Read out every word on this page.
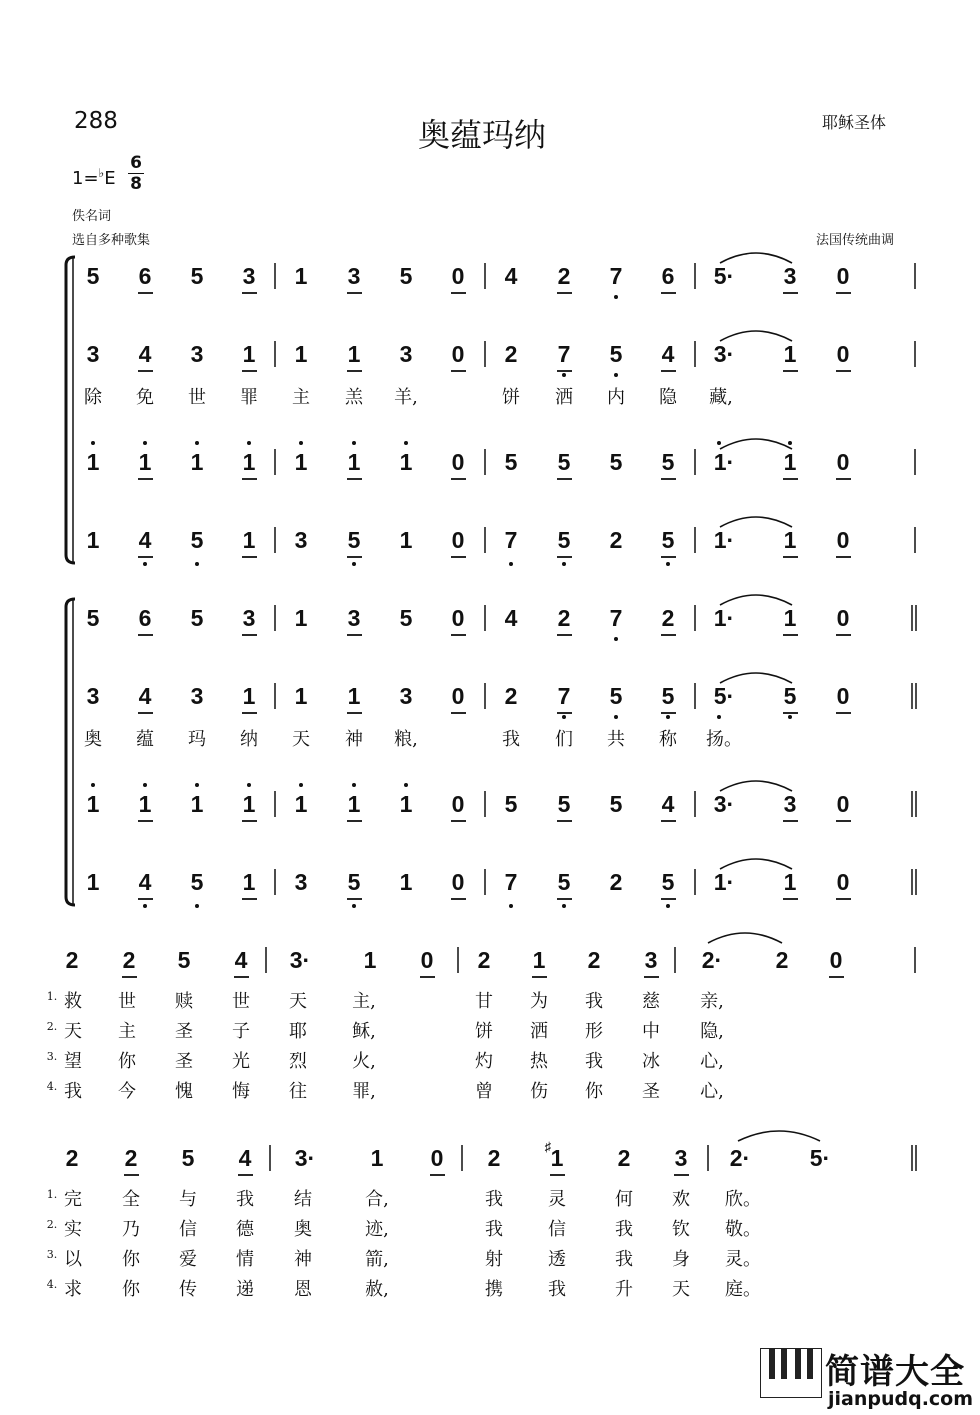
288	奥蕴玛纳	耶稣圣体
$1=^♭E \frac{6}{8}$
佚名词
选自多种歌集	法国传统曲调
5	6	5	3	1	3	5	0	4	2	7	6	5·	3	0
3	4	3	1	1	1	3	0	2	7	5	4	3·	1	0
除	免	世	罪	主	羔	羊,	饼	洒	内	隐	藏,
1	1	1	1	1	1	1	0	5	5	5	5	1·	1	0
1	4	5	1	3	5	1	0	7	5	2	5	1·	1	0
5	6	5	3	1	3	5	0	4	2	7	2	1·	1	0
3	4	3	1	1	1	3	0	2	7	5	5	5·	5	0
奥	蕴	玛	纳	天	神	粮,	我	们	共	称	扬。
1	1	1	1	1	1	1	0	5	5	5	4	3·	3	0
1	4	5	1	3	5	1	0	7	5	2	5	1·	1	0
2	2	5	4	3·	1	0	2	1	2	3	2·	2	0
1. 救	世	赎	世	天	主,	甘	为	我	慈	亲,
2. 天	主	圣	子	耶	稣,	饼	洒	形	中	隐,
3. 望	你	圣	光	烈	火,	灼	热	我	冰	心,
4. 我	今	愧	悔	往	罪,	曾	伤	你	圣	心,
2	2	5	4	3·	1	0	2	1	2	3	2·	5·
♯
1. 完	全	与	我	结	合,	我	灵	何	欢	欣。
2. 实	乃	信	德	奥	迹,	我	信	我	钦	敬。
3. 以	你	爱	情	神	箭,	射	透	我	身	灵。
4. 求	你	传	递	恩	赦,	携	我	升	天	庭。
简谱大全
jianpudq.com
